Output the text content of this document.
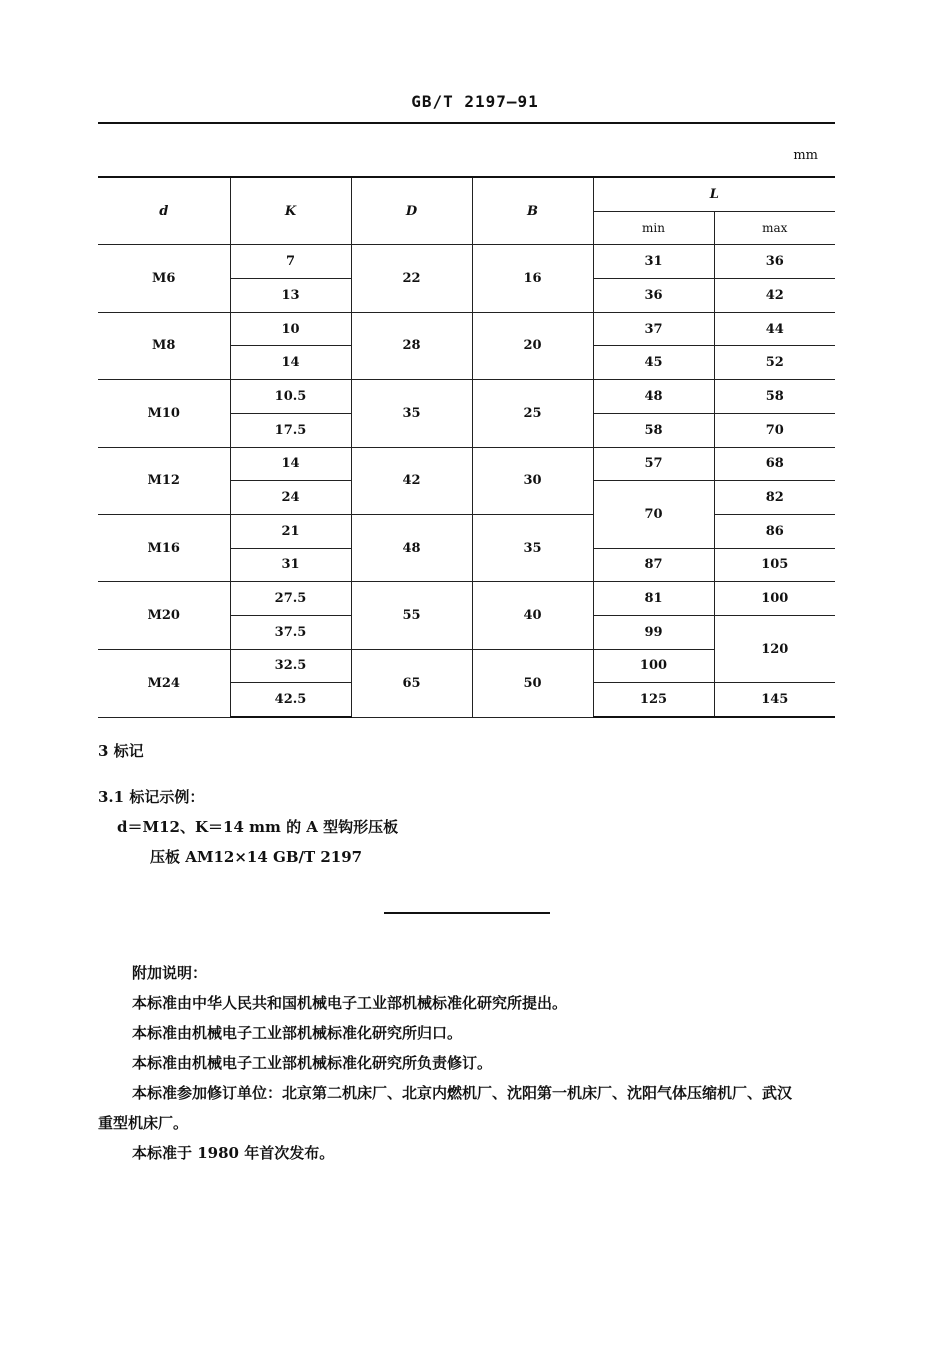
GB/T 2197—91
mm
d	K	D	B	L	
				min	max
M6	7	22	16	31	36
	13			36	42
M8	10	28	20	37	44
	14			45	52
M10	10.5	35	25	48	58
	17.5			58	70
M12	14	42	30	57	68
	24			70	82
M16	21	48	35		86
	31			87	105
M20	27.5	55	40	81	100
	37.5			99	120
M24	32.5	65	50	100	
	42.5			125	145
3 标记
3.1 标记示例：
d＝M12、K＝14 mm 的 A 型钩形压板
压板 AM12×14 GB/T 2197
附加说明：
本标准由中华人民共和国机械电子工业部机械标准化研究所提出。
本标准由机械电子工业部机械标准化研究所归口。
本标准由机械电子工业部机械标准化研究所负责修订。
本标准参加修订单位：北京第二机床厂、北京内燃机厂、沈阳第一机床厂、沈阳气体压缩机厂、武汉
重型机床厂。
本标准于 1980 年首次发布。
